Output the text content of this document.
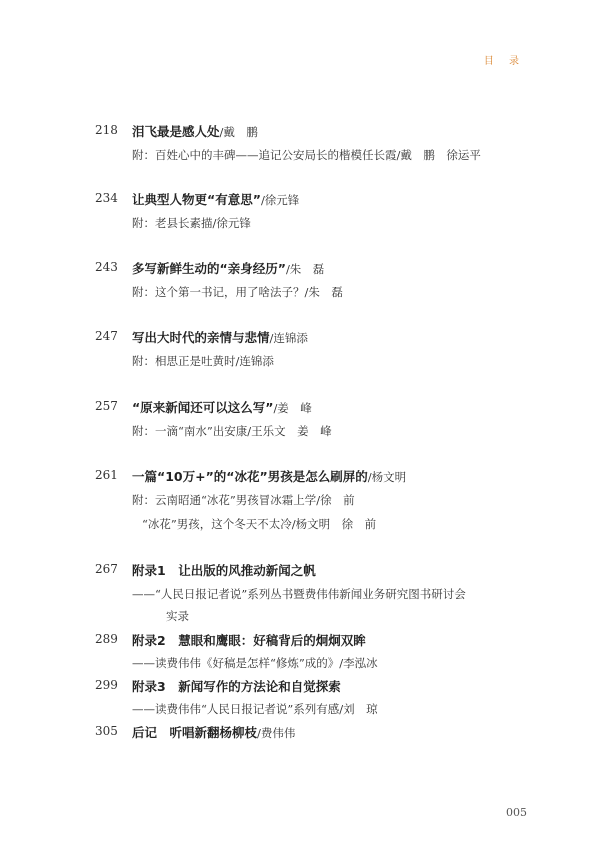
目 录
218 泪飞最是感人处/戴　鹏
附：百姓心中的丰碑——追记公安局长的楷模任长霞/戴　鹏　徐运平
234 让典型人物更“有意思”/徐元锋
附：老县长素描/徐元锋
243 多写新鲜生动的“亲身经历”/朱　磊
附：这个第一书记，用了啥法子？/朱　磊
247 写出大时代的亲情与悲情/连锦添
附：相思正是吐黄时/连锦添
257 “原来新闻还可以这么写”/姜　峰
附：一滴“南水”出安康/王乐文　姜　峰
261 一篇“10万+”的“冰花”男孩是怎么刷屏的/杨文明
附：云南昭通“冰花”男孩冒冰霜上学/徐　前
“冰花”男孩，这个冬天不太冷/杨文明　徐　前
267 附录1　让出版的风推动新闻之帆
——“人民日报记者说”系列丛书暨费伟伟新闻业务研究图书研讨会
实录
289 附录2　慧眼和鹰眼：好稿背后的炯炯双眸
——读费伟伟《好稿是怎样“修炼”成的》/李泓冰
299 附录3　新闻写作的方法论和自觉探索
——读费伟伟“人民日报记者说”系列有感/刘　琼
305 后记　听唱新翻杨柳枝/费伟伟
005
